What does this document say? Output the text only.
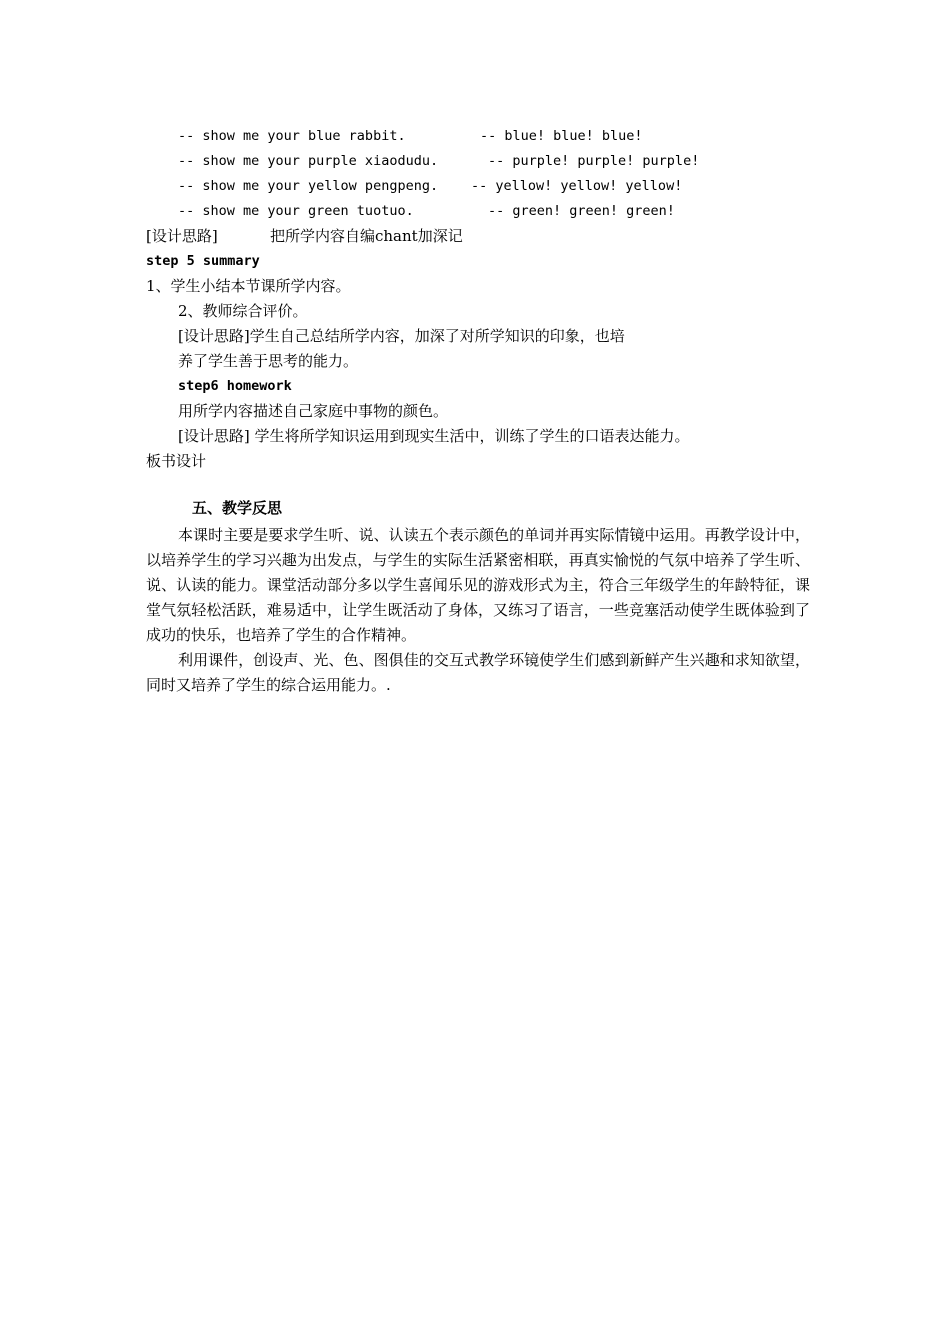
-- show me your blue rabbit.	-- blue! blue! blue!
-- show me your purple xiaodudu.	-- purple! purple! purple!
-- show me your yellow pengpeng. -- yellow! yellow! yellow!
-- show me your green tuotuo.	-- green! green! green!
[设计思路]	把所学内容自编chant加深记
step 5 summary
1、学生小结本节课所学内容。
2、教师综合评价。
[设计思路]学生自己总结所学内容，加深了对所学知识的印象，也培
养了学生善于思考的能力。
step6 homework
用所学内容描述自己家庭中事物的颜色。
[设计思路] 学生将所学知识运用到现实生活中，训练了学生的口语表达能力。
板书设计
五、教学反思
本课时主要是要求学生听、说、认读五个表示颜色的单词并再实际情镜中运用。再教学设计中，以培养学生的学习兴趣为出发点，与学生的实际生活紧密相联，再真实愉悦的气氛中培养了学生听、说、认读的能力。课堂活动部分多以学生喜闻乐见的游戏形式为主，符合三年级学生的年龄特征，课堂气氛轻松活跃，难易适中，让学生既活动了身体，又练习了语言，一些竞塞活动使学生既体验到了成功的快乐，也培养了学生的合作精神。
利用课件，创设声、光、色、图俱佳的交互式教学环镜使学生们感到新鲜产生兴趣和求知欲望，同时又培养了学生的综合运用能力。.
